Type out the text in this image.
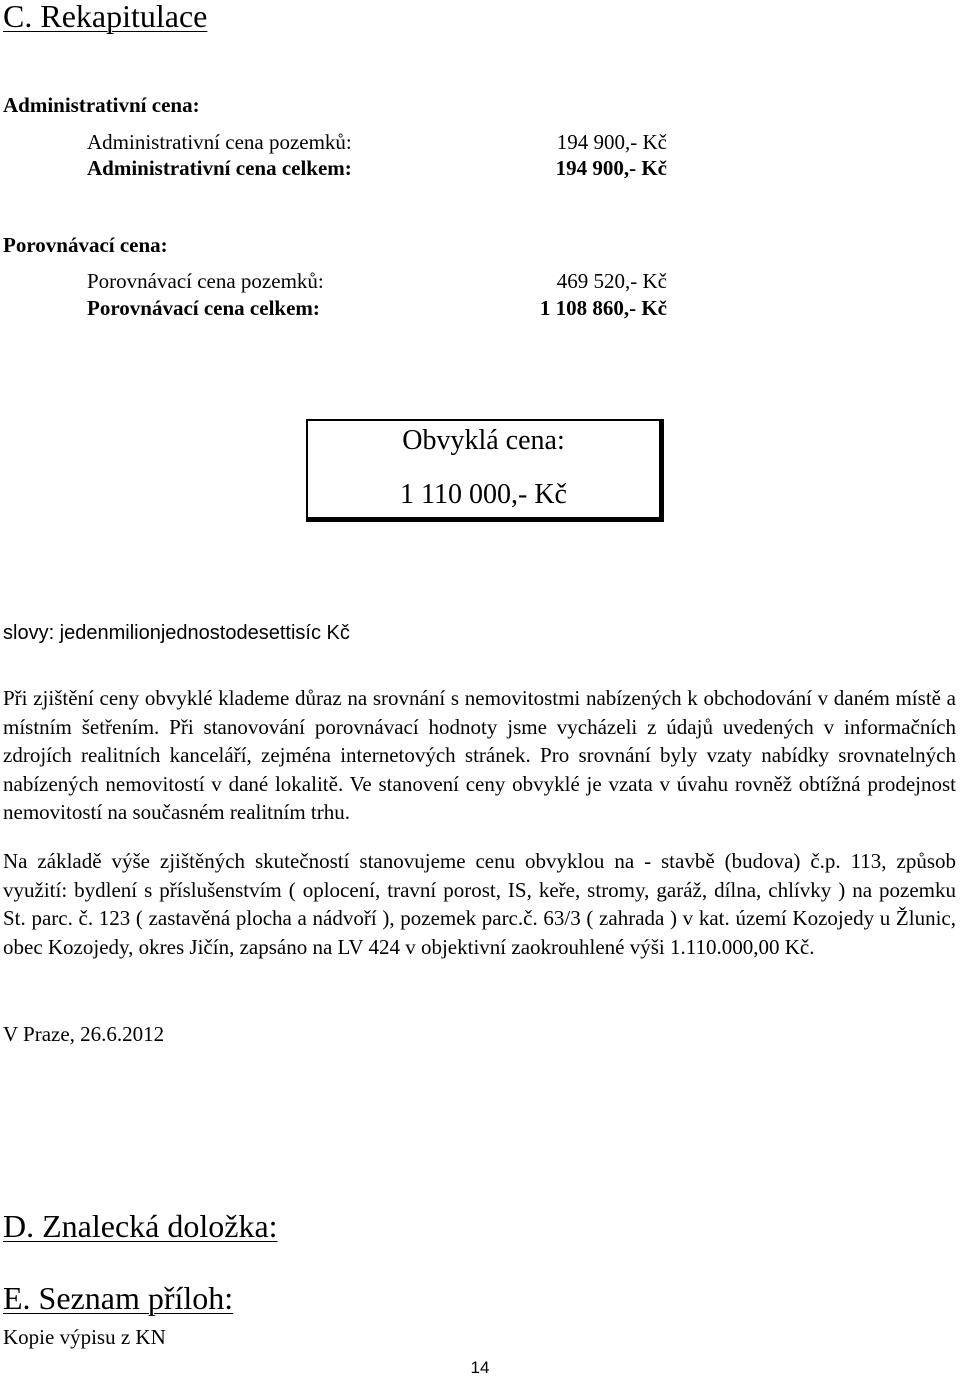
C. Rekapitulace
Administrativní cena:
Administrativní cena pozemků:	194 900,- Kč
Administrativní cena celkem:	194 900,- Kč
Porovnávací cena:
Porovnávací cena pozemků:	469 520,- Kč
Porovnávací cena celkem:	1 108 860,- Kč
Obvyklá cena:
1 110 000,- Kč
slovy: jedenmilionjednostodesettisíc Kč

Při zjištění ceny obvyklé klademe důraz na srovnání s nemovitostmi nabízených k obchodování v daném místě a místním šetřením. Při stanovování porovnávací hodnoty jsme vycházeli z údajů uvedených v informačních zdrojích realitních kanceláří, zejména internetových stránek. Pro srovnání byly vzaty nabídky srovnatelných nabízených nemovitostí v dané lokalitě. Ve stanovení ceny obvyklé je vzata v úvahu rovněž obtížná prodejnost nemovitostí na současném realitním trhu.

Na základě výše zjištěných skutečností stanovujeme cenu obvyklou na - stavbě (budova) č.p. 113, způsob využití: bydlení s příslušenstvím ( oplocení, travní porost, IS, keře, stromy, garáž, dílna, chlívky ) na pozemku St. parc. č. 123 ( zastavěná plocha a nádvoří ), pozemek parc.č. 63/3 ( zahrada ) v kat. území Kozojedy u Žlunic, obec Kozojedy, okres Jičín, zapsáno na LV 424 v objektivní zaokrouhlené výši 1.110.000,00 Kč.

V Praze, 26.6.2012
D. Znalecká doložka:
E. Seznam příloh:
Kopie výpisu z KN
14
